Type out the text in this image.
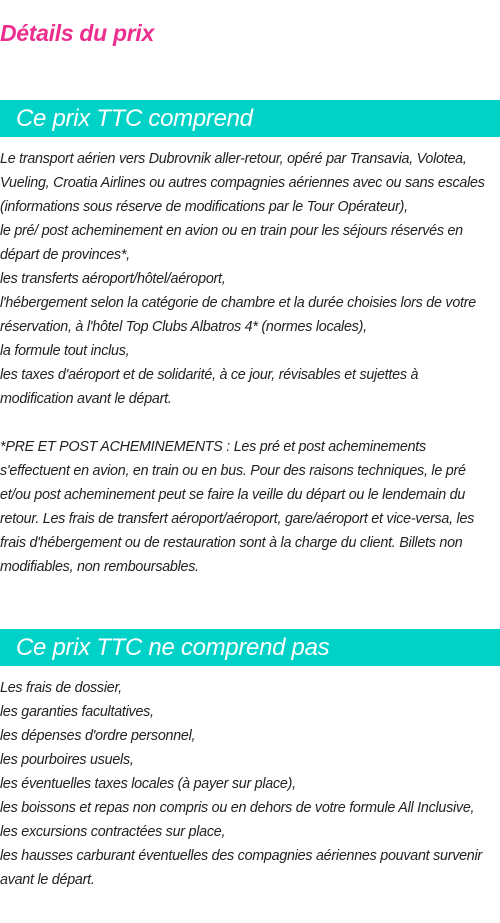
Détails du prix
Ce prix TTC comprend
Le transport aérien vers Dubrovnik aller-retour, opéré par Transavia, Volotea,
Vueling, Croatia Airlines ou autres compagnies aériennes avec ou sans escales
(informations sous réserve de modifications par le Tour Opérateur),
le pré/ post acheminement en avion ou en train pour les séjours réservés en
départ de provinces*,
les transferts aéroport/hôtel/aéroport,
l'hébergement selon la catégorie de chambre et la durée choisies lors de votre
réservation, à l'hôtel Top Clubs Albatros 4* (normes locales),
la formule tout inclus,
les taxes d'aéroport et de solidarité, à ce jour, révisables et sujettes à
modification avant le départ.
*PRE ET POST ACHEMINEMENTS : Les pré et post acheminements
s'effectuent en avion, en train ou en bus. Pour des raisons techniques, le pré
et/ou post acheminement peut se faire la veille du départ ou le lendemain du
retour. Les frais de transfert aéroport/aéroport, gare/aéroport et vice-versa, les
frais d'hébergement ou de restauration sont à la charge du client. Billets non
modifiables, non remboursables.
Ce prix TTC ne comprend pas
Les frais de dossier,
les garanties facultatives,
les dépenses d'ordre personnel,
les pourboires usuels,
les éventuelles taxes locales (à payer sur place),
les boissons et repas non compris ou en dehors de votre formule All Inclusive,
les excursions contractées sur place,
les hausses carburant éventuelles des compagnies aériennes pouvant survenir
avant le départ.
